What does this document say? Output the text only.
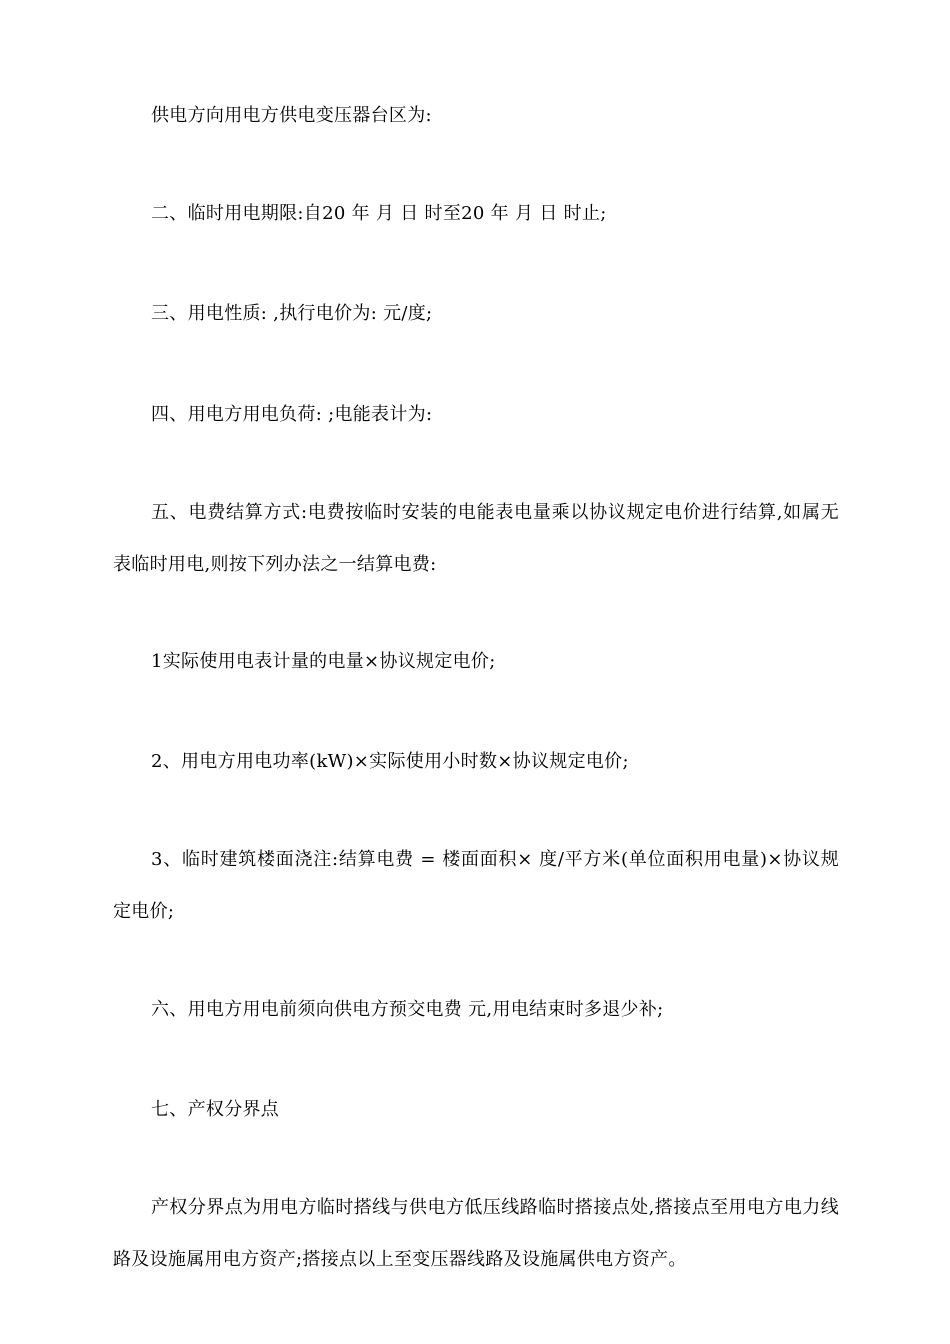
供电方向用电方供电变压器台区为:

二、临时用电期限:自20 年 月 日 时至20 年 月 日 时止;

三、用电性质: ,执行电价为: 元/度;

四、用电方用电负荷: ;电能表计为:

五、电费结算方式:电费按临时安装的电能表电量乘以协议规定电价进行结算,如属无表临时用电,则按下列办法之一结算电费:

1实际使用电表计量的电量×协议规定电价;

2、用电方用电功率(kW)×实际使用小时数×协议规定电价;

3、临时建筑楼面浇注:结算电费 = 楼面面积× 度/平方米(单位面积用电量)×协议规定电价;

六、用电方用电前须向供电方预交电费 元,用电结束时多退少补;

七、产权分界点

产权分界点为用电方临时搭线与供电方低压线路临时搭接点处,搭接点至用电方电力线路及设施属用电方资产;搭接点以上至变压器线路及设施属供电方资产。
